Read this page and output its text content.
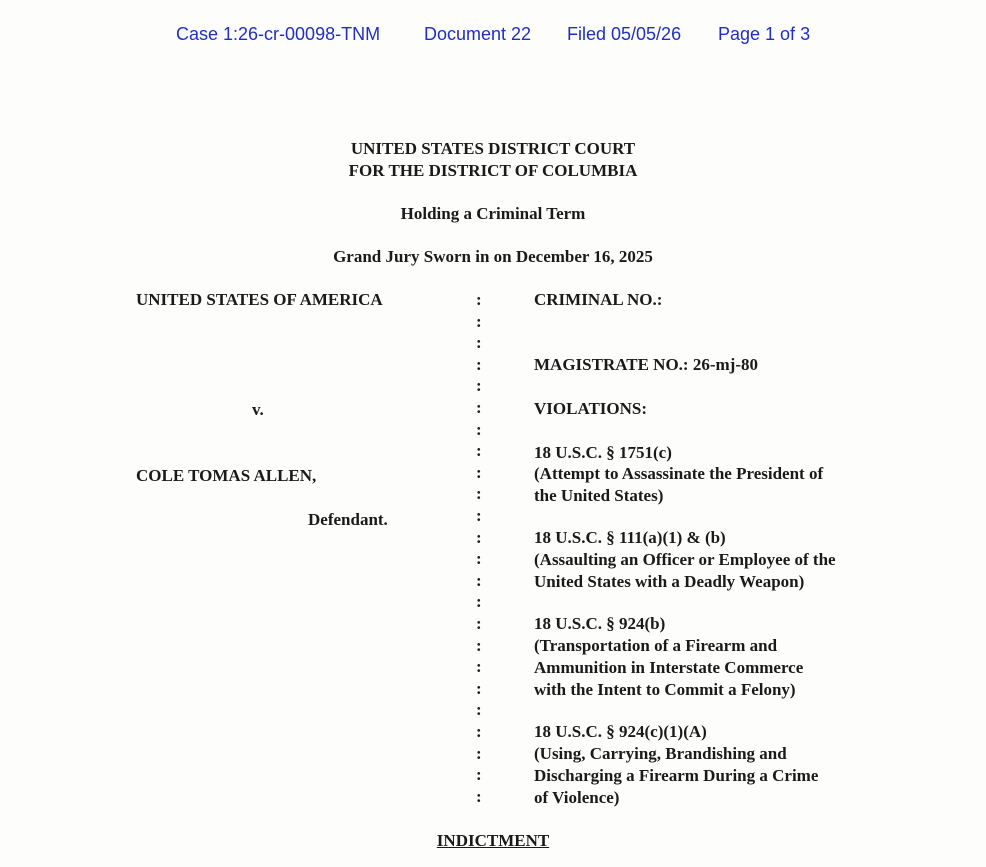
Case 1:26-cr-00098-TNM Document 22 Filed 05/05/26 Page 1 of 3
UNITED STATES DISTRICT COURT
FOR THE DISTRICT OF COLUMBIA
Holding a Criminal Term
Grand Jury Sworn in on December 16, 2025
UNITED STATES OF AMERICA
v.
COLE TOMAS ALLEN,
Defendant.
:
:
:
:
:
:
:
:
:
:
:
:
:
:
:
:
:
:
:
:
:
:
:
:
CRIMINAL NO.:
MAGISTRATE NO.: 26-mj-80
VIOLATIONS:
18 U.S.C. § 1751(c)
(Attempt to Assassinate the President of
the United States)
18 U.S.C. § 111(a)(1) & (b)
(Assaulting an Officer or Employee of the
United States with a Deadly Weapon)
18 U.S.C. § 924(b)
(Transportation of a Firearm and
Ammunition in Interstate Commerce
with the Intent to Commit a Felony)
18 U.S.C. § 924(c)(1)(A)
(Using, Carrying, Brandishing and
Discharging a Firearm During a Crime
of Violence)
INDICTMENT
